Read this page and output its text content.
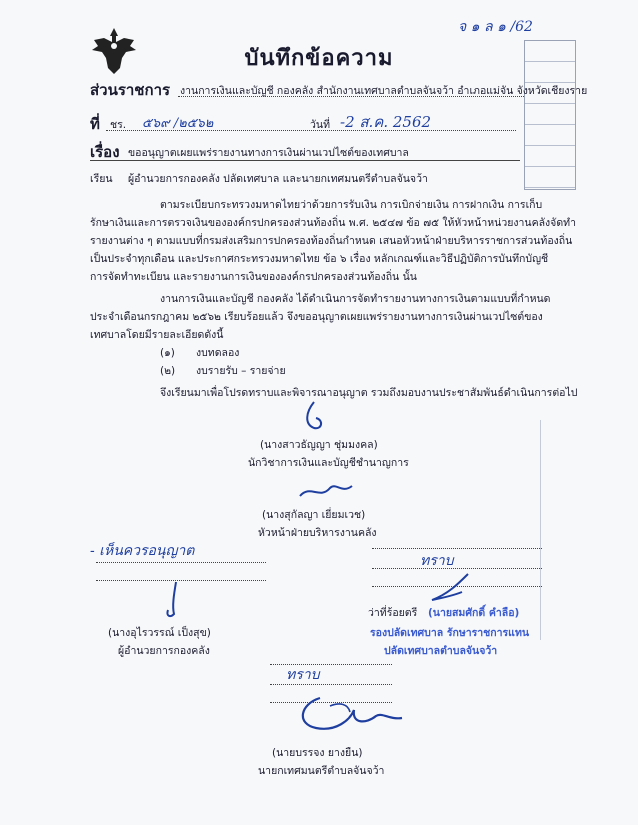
จ ๑ ล ๑ /62
บันทึกข้อความ
ส่วนราชการ งานการเงินและบัญชี กองคลัง สำนักงานเทศบาลตำบลจันจว้า อำเภอแม่จัน จังหวัดเชียงราย
ที่ ชร. ๕๖๙ /๒๕๖๒	วันที่ -2 ส.ค. 2562
เรื่อง ขออนุญาตเผยแพร่รายงานทางการเงินผ่านเวปไซต์ของเทศบาล
เรียน ผู้อำนวยการกองคลัง ปลัดเทศบาล และนายกเทศมนตรีตำบลจันจว้า
ตามระเบียบกระทรวงมหาดไทยว่าด้วยการรับเงิน การเบิกจ่ายเงิน การฝากเงิน การเก็บ
รักษาเงินและการตรวจเงินขององค์กรปกครองส่วนท้องถิ่น พ.ศ. ๒๕๔๗ ข้อ ๗๕ ให้หัวหน้าหน่วยงานคลังจัดทำ
รายงานต่าง ๆ ตามแบบที่กรมส่งเสริมการปกครองท้องถิ่นกำหนด เสนอหัวหน้าฝ่ายบริหารราชการส่วนท้องถิ่น
เป็นประจำทุกเดือน และประกาศกระทรวงมหาดไทย ข้อ ๖ เรื่อง หลักเกณฑ์และวิธีปฏิบัติการบันทึกบัญชี
การจัดทำทะเบียน และรายงานการเงินขององค์กรปกครองส่วนท้องถิ่น นั้น
งานการเงินและบัญชี กองคลัง ได้ดำเนินการจัดทำรายงานทางการเงินตามแบบที่กำหนด
ประจำเดือนกรกฎาคม ๒๕๖๒ เรียบร้อยแล้ว จึงขออนุญาตเผยแพร่รายงานทางการเงินผ่านเวปไซต์ของ
เทศบาลโดยมีรายละเอียดดังนี้
(๑) งบทดลอง
(๒) งบรายรับ – รายจ่าย
จึงเรียนมาเพื่อโปรดทราบและพิจารณาอนุญาต รวมถึงมอบงานประชาสัมพันธ์ดำเนินการต่อไป
(นางสาวธัญญา ชุ่มมงคล)
นักวิชาการเงินและบัญชีชำนาญการ
(นางสุกัลญา เยี่ยมเวช)
หัวหน้าฝ่ายบริหารงานคลัง
- เห็นควรอนุญาต
ทราบ
(นางอุไรวรรณ์ เป็งสุข)
ผู้อำนวยการกองคลัง
ว่าที่ร้อยตรี (นายสมศักดิ์ คำลือ)
รองปลัดเทศบาล รักษาราชการแทน
ปลัดเทศบาลตำบลจันจว้า
ทราบ
(นายบรรจง ยางยืน)
นายกเทศมนตรีตำบลจันจว้า
